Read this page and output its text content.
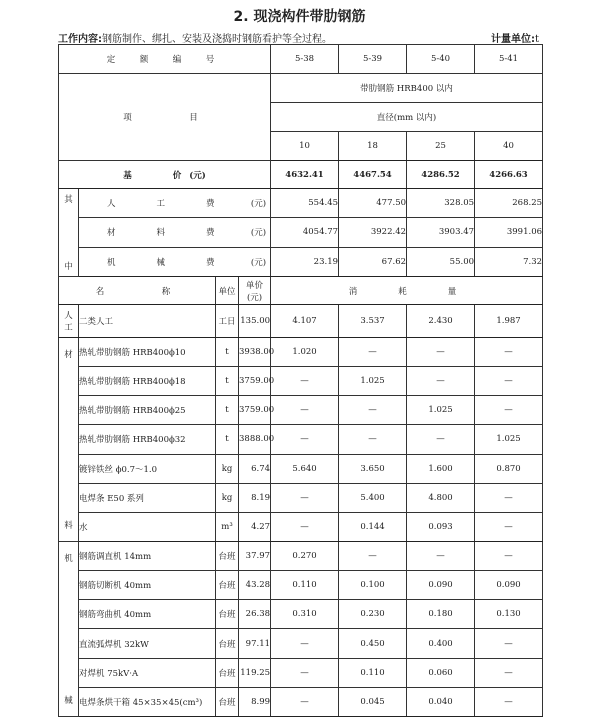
2. 现浇构件带肋钢筋
工作内容:钢筋制作、绑扎、安装及浇捣时钢筋看护等全过程。	计量单位:t
定　额　编　号				5-38	5-39	5-40	5-41
项　　　目				带肋钢筋 HRB400 以内			
				直径(mm 以内)			
				10	18	25	40
基　　价(元)				4632.41	4467.54	4286.52	4266.63

其
中	人　　工　　费 (元)			554.45	477.50	328.05	268.25
	材　　料　　费 (元)			4054.77	3922.42	3903.47	3991.06
	机　　械　　费 (元)			23.19	67.62	55.00	7.32
名　　　称		单位	单价(元)	消　　耗　　量			

人
工	二类人工	工日	135.00	4.107	3.537	2.430	1.987

材
料	热轧带肋钢筋 HRB400ϕ10	t	3938.00	1.020	—	—	—
	热轧带肋钢筋 HRB400ϕ18	t	3759.00	—	1.025	—	—
	热轧带肋钢筋 HRB400ϕ25	t	3759.00	—	—	1.025	—
	热轧带肋钢筋 HRB400ϕ32	t	3888.00	—	—	—	1.025
	镀锌铁丝 ϕ0.7～1.0	kg	6.74	5.640	3.650	1.600	0.870
	电焊条 E50 系列	kg	8.19	—	5.400	4.800	—
	水	m³	4.27	—	0.144	0.093	—

机
械	钢筋调直机 14mm	台班	37.97	0.270	—	—	—
	钢筋切断机 40mm	台班	43.28	0.110	0.100	0.090	0.090
	钢筋弯曲机 40mm	台班	26.38	0.310	0.230	0.180	0.130
	直流弧焊机 32kW	台班	97.11	—	0.450	0.400	—
	对焊机 75kV·A	台班	119.25	—	0.110	0.060	—
	电焊条烘干箱 45×35×45(cm³)	台班	8.99	—	0.045	0.040	—
